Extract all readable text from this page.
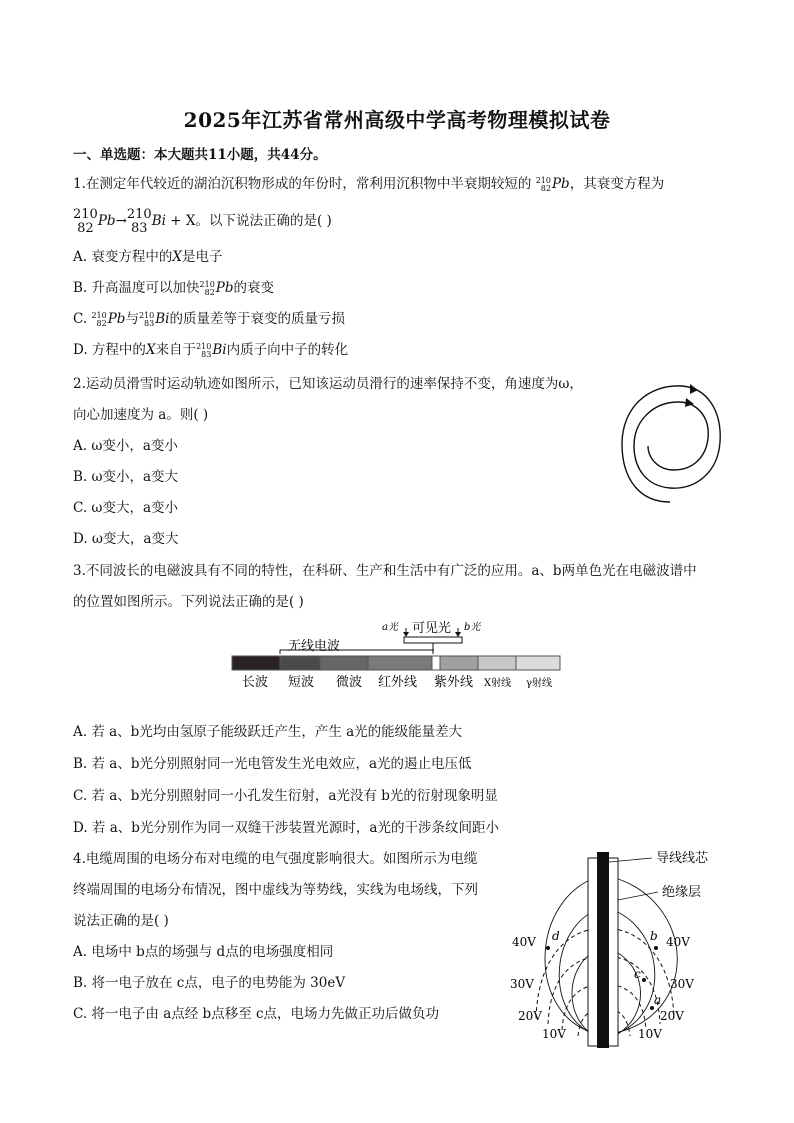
2025年江苏省常州高级中学高考物理模拟试卷
一、单选题：本大题共11小题，共44分。
1.在测定年代较近的湖泊沉积物形成的年份时，常利用沉积物中半衰期较短的 210
82 Pb，其衰变方程为
210
82 Pb→ 210
83 Bi + X。以下说法正确的是( )
A. 衰变方程中的X是电子
B. 升高温度可以加快 210
82 Pb的衰变
C. 210
82 Pb与 210
83 Bi的质量差等于衰变的质量亏损
D. 方程中的X来自于 210
83 Bi内质子向中子的转化
2.运动员滑雪时运动轨迹如图所示，已知该运动员滑行的速率保持不变，角速度为ω，
向心加速度为 a。则( )
A. ω变小，a变小
B. ω变小，a变大
C. ω变大，a变小
D. ω变大，a变大
3.不同波长的电磁波具有不同的特性，在科研、生产和生活中有广泛的应用。a、b两单色光在电磁波谱中
的位置如图所示。下列说法正确的是( )
a光 可见光 b光
无线电波
长波 短波 微波 红外线 紫外线 X射线 γ射线
A. 若 a、b光均由氢原子能级跃迁产生，产生 a光的能级能量差大
B. 若 a、b光分别照射同一光电管发生光电效应，a光的遏止电压低
C. 若 a、b光分别照射同一小孔发生衍射，a光没有 b光的衍射现象明显
D. 若 a、b光分别作为同一双缝干涉装置光源时，a光的干涉条纹间距小
4.电缆周围的电场分布对电缆的电气强度影响很大。如图所示为电缆
终端周围的电场分布情况，图中虚线为等势线，实线为电场线，下列
说法正确的是( )
A. 电场中 b点的场强与 d点的电场强度相同
B. 将一电子放在 c点，电子的电势能为 30eV
C. 将一电子由 a点经 b点移至 c点，电场力先做正功后做负功
导线线芯
绝缘层
40V	40V
30V	30V
20V	20V
10V	10V
d	b
c
a
